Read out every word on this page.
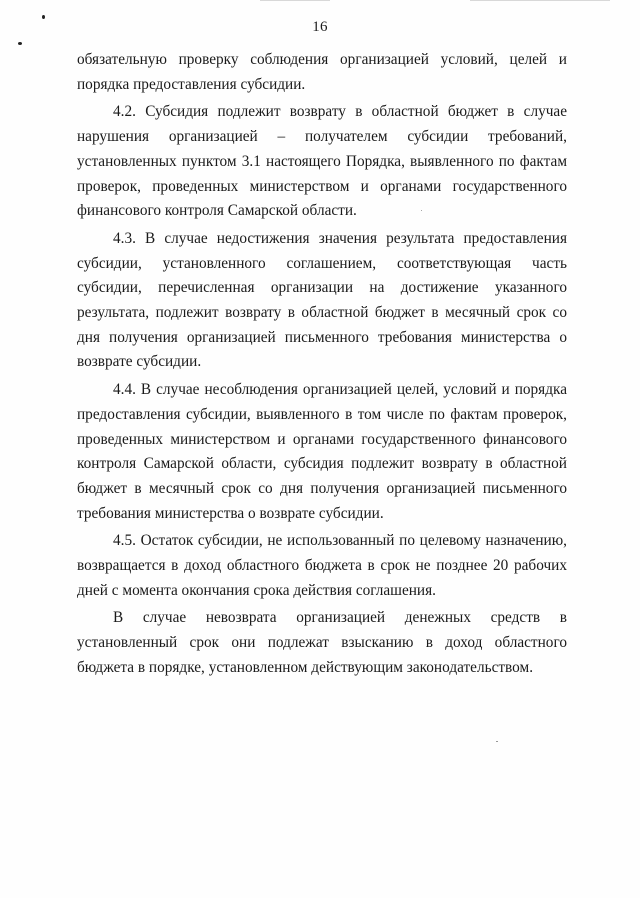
16

обязательную проверку соблюдения организацией условий, целей и порядка предоставления субсидии.

4.2. Субсидия подлежит возврату в областной бюджет в случае нарушения организацией – получателем субсидии требований, установленных пунктом 3.1 настоящего Порядка, выявленного по фактам проверок, проведенных министерством и органами государственного финансового контроля Самарской области.

4.3. В случае недостижения значения результата предоставления субсидии, установленного соглашением, соответствующая часть субсидии, перечисленная организации на достижение указанного результата, подлежит возврату в областной бюджет в месячный срок со дня получения организацией письменного требования министерства о возврате субсидии.

4.4. В случае несоблюдения организацией целей, условий и порядка предоставления субсидии, выявленного в том числе по фактам проверок, проведенных министерством и органами государственного финансового контроля Самарской области, субсидия подлежит возврату в областной бюджет в месячный срок со дня получения организацией письменного требования министерства о возврате субсидии.

4.5. Остаток субсидии, не использованный по целевому назначению, возвращается в доход областного бюджета в срок не позднее 20 рабочих дней с момента окончания срока действия соглашения.

В случае невозврата организацией денежных средств в установленный срок они подлежат взысканию в доход областного бюджета в порядке, установленном действующим законодательством.
